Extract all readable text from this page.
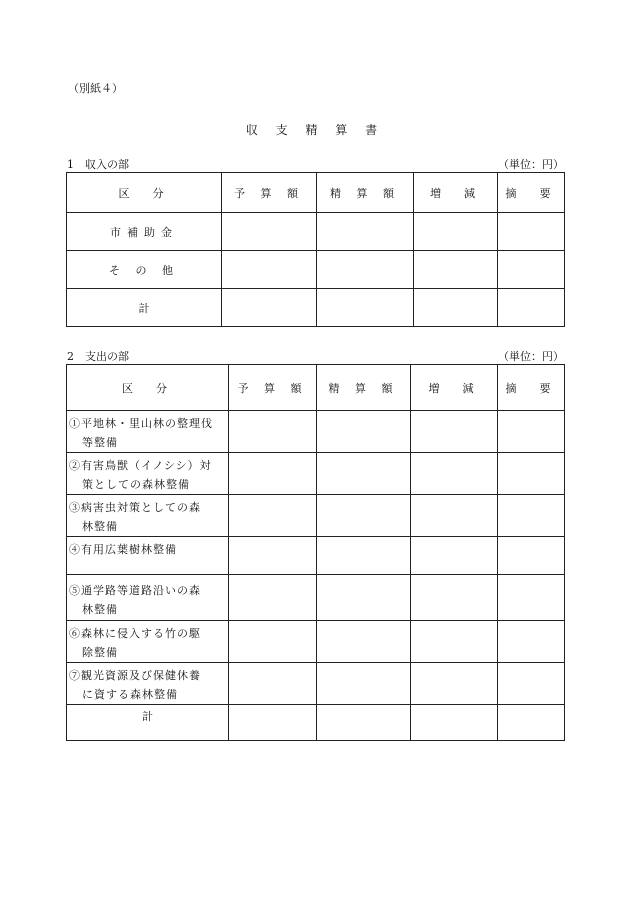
（別紙４）
収 支 精 算 書
1　収入の部	（単位：円）
区　分	予 算 額	精 算 額	増　減	摘　要
市補助金				
そ の 他				
計				
2　支出の部	（単位：円）
区　分	予 算 額	精 算 額	増　減	摘　要
①平地林・里山林の整理伐
等整備				

②有害鳥獣（イノシシ）対
策としての森林整備				

③病害虫対策としての森
林整備				

④有用広葉樹林整備

⑤通学路等道路沿いの森
林整備				

⑥森林に侵入する竹の駆
除整備				

⑦観光資源及び保健休養
に資する森林整備				

計				
